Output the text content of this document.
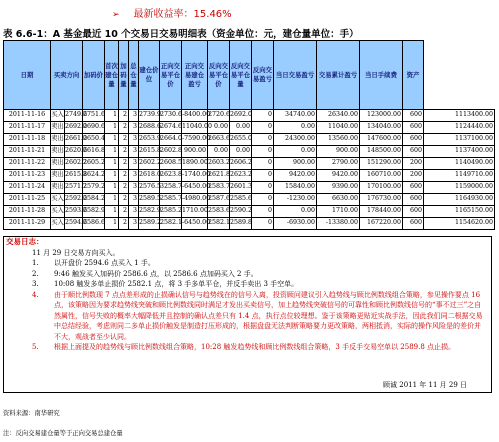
➢ 最新收益率：15.46%
表 6.6-1：A 基金最近 10 个交易日交易明细表（资金单位：元，建仓量单位：手）
日期	买卖方向		加码价	首次建仓量	加码量	总仓量	建仓价位	正向交易平仓价	正向交易建仓盈亏	反向交易平仓价	反向交易平仓量	反向交易盈亏	当日交易盈亏	交易累计盈亏	当日手续费	资产	
2011-11-16	买入	2749.6	2751.6	1	2	3	2739.9	2730.6	-8400.00	2720.6	2692.0	0	34740.00	26340.00	123000.00	600	1113400.00
2011-11-17	卖出	2692.0	2690.6	1	2	3	2688.6	2674.6	11040.00	0.00	0.00	0	0.00	11040.00	134040.00	600	1124440.00
2011-11-18	卖出	2661.0	2650.4	1	2	3	2653.9	2664.0	-7590.00	2663.6	2655.0	0	24300.00	13560.00	147600.00	600	1137100.00
2011-11-21	卖出	2620.6	2616.8	1	2	3	2615.8	2602.8	900.00	0.00	0.00	0	0.00	900.00	148500.00	600	1137400.00
2011-11-22	卖出	2602.2	2605.2	1	2	3	2602.2	2608.5	1890.00	2603.2	2606.2	0	900.00	2790.00	151290.00	200	1140490.00
2011-11-23	卖出	2615.8	2624.2	1	2	3	2618.0	2623.8	-1740.00	2621.8	2623.2	0	9420.00	9420.00	160710.00	200	1149710.00
2011-11-24	卖出	2571.2	2579.2	1	2	3	2576.5	3258.7	-6450.00	2583.7	2601.3	0	15840.00	9390.00	170100.00	600	1159000.00
2011-11-25	买入	2592.0	2584.2	1	2	3	2589.5	2585.7	-4980.00	2587.6	2585.6	0	-1230.00	6630.00	176730.00	600	1164930.00
2011-11-28	买入	2593.6	2582.9	1	2	3	2582.9	2585.2	1710.00	2583.6	2590.2	0	0.00	1710.00	178440.00	600	1165150.00
2011-11-29	买入	2594.6	2586.6	1	2	3	2589.2	2582.1	-6450.00	2582.1	2589.8	0	-6930.00	-13380.00	167220.00	600	1154620.00
交易日志：
11 月 29 日交易方向买入。
1.	以开盘价 2594.6 点买入 1 手。
2.	9:46 触发买入加码价 2586.6 点，以 2586.6 点加码买入 2 手。
3.	10:08 触发多单止损价 2582.1 点，将 3 手多单平仓，并反手卖出 3 手空单。
4.	由于顺比例数现 7 点点差形成的止损确认信号与趋势线在的信号入离，投资顾问建议引入趋势线与顾比例数线组合策略，参见操作要点 16 点，该策略因为要求趋势线突破和顾比例数线同时满足才发出买卖信号，加上趋势线突破信号的可靠性和顾比例数线信号的“事不过三”之自然属性，信号失败的概率大幅降低并且控制的确认点差只有 1.4 点，执行点位较理想。鉴于该策略更贴近实战手法，因此我们同二根据交易中总结经验，考虑则同二多单止损价触发是制造打压形成的，根据盘盘无法判断策略要力更改策略，两相抵消，实际的操作风险是的差价并不大，观战者至少认同。
5.	根据上面提及的趋势线与顾比例数线组合策略，10:28 触发趋势线和顾比例数线组合策略，3 手反手交易空单以 2589.8 点止损。
顾诚 2011 年 11 月 29 日
资料来源：南华研究
注：反向交易建仓量等于正向交易总建仓量
